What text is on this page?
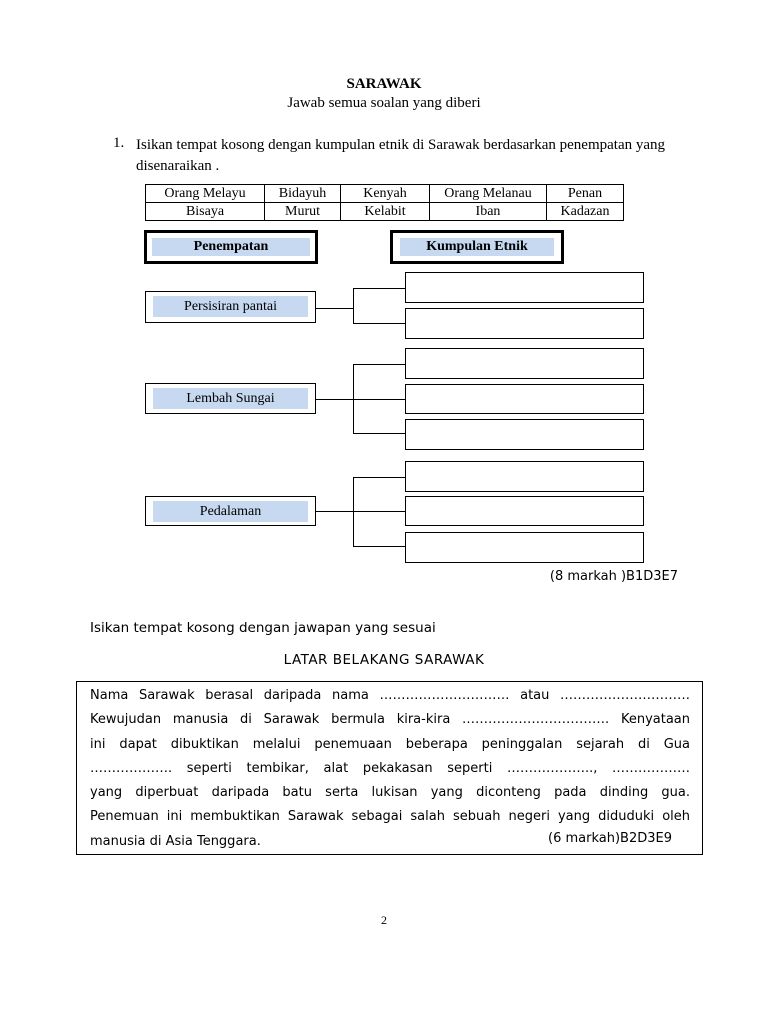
SARAWAK
Jawab semua soalan yang diberi
1. Isikan tempat kosong dengan kumpulan etnik di Sarawak berdasarkan penempatan yang disenaraikan .
Orang Melayu	Bidayuh	Kenyah	Orang Melanau	Penan
Bisaya	Murut	Kelabit	Iban	Kadazan
Penempatan	Kumpulan Etnik
Persisiran pantai
Lembah Sungai
Pedalaman
(8 markah )B1D3E7
Isikan tempat kosong dengan jawapan yang sesuai
LATAR BELAKANG SARAWAK

Nama Sarawak berasal daripada nama ………………………… atau …………………………

Kewujudan manusia di Sarawak bermula kira-kira ……………………………. Kenyataan

ini dapat dibuktikan melalui penemuaan beberapa peninggalan sejarah di Gua

………………. seperti tembikar, alat pekakasan seperti ……………….., ………………

yang diperbuat daripada batu serta lukisan yang diconteng pada dinding gua.

Penemuan ini membuktikan Sarawak sebagai salah sebuah negeri yang diduduki oleh

manusia di Asia Tenggara.	(6 markah)B2D3E9
2
